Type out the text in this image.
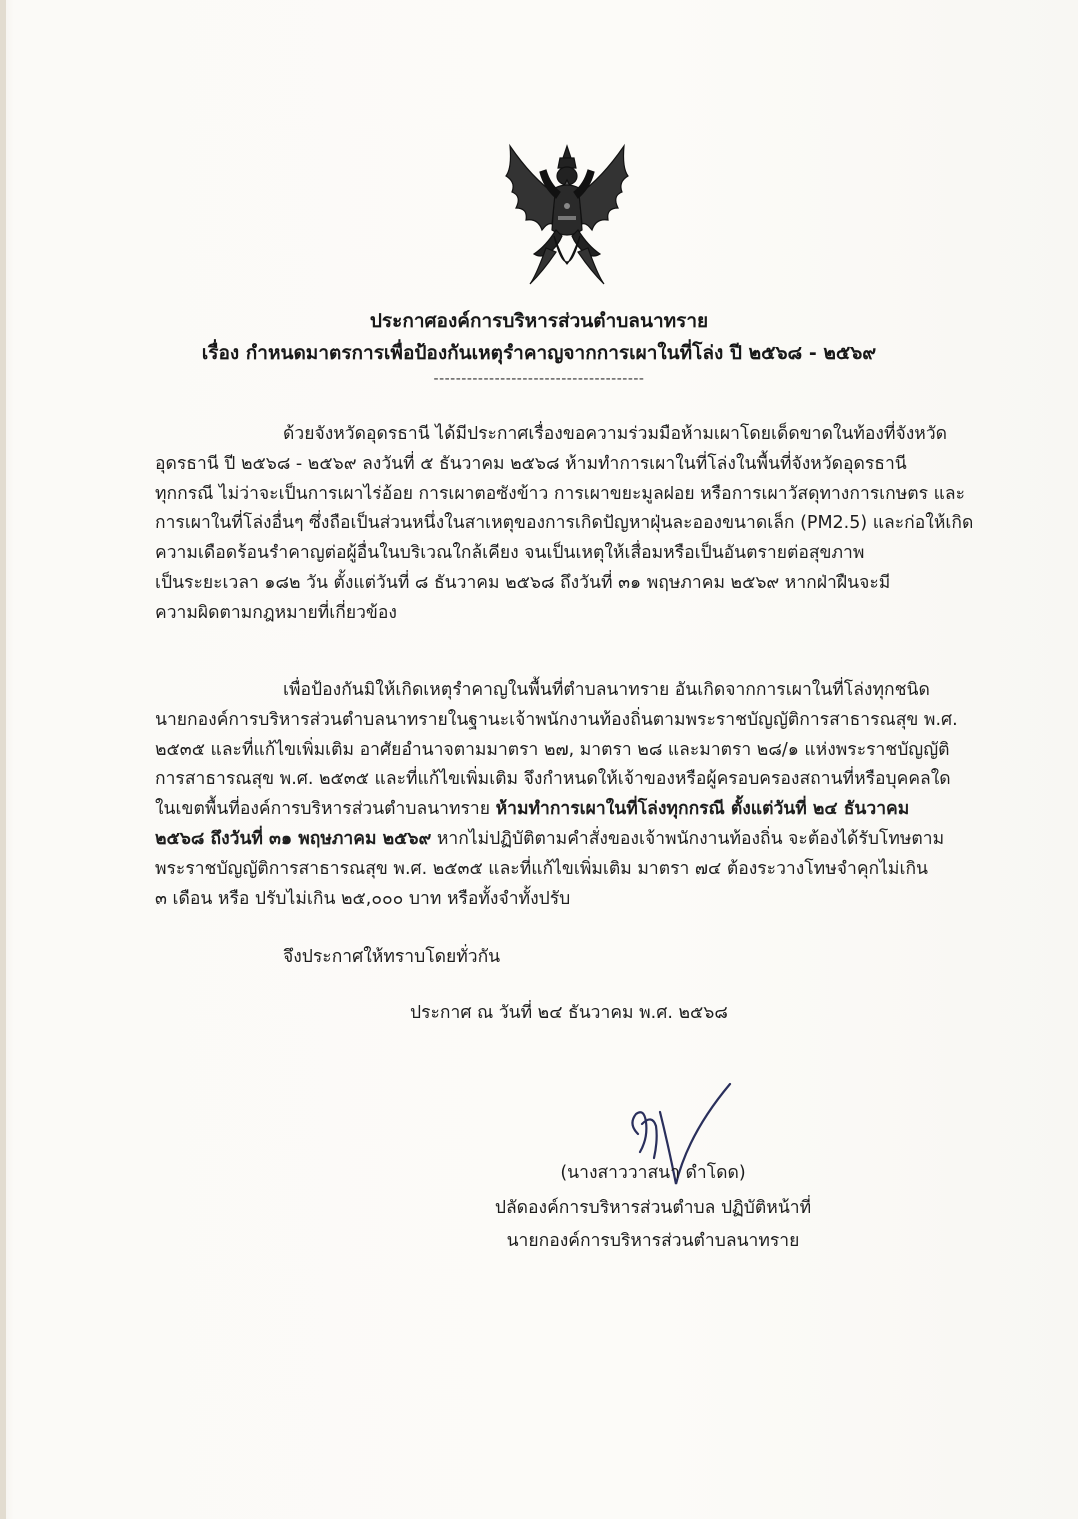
ประกาศองค์การบริหารส่วนตำบลนาทราย
เรื่อง กำหนดมาตรการเพื่อป้องกันเหตุรำคาญจากการเผาในที่โล่ง ปี ๒๕๖๘ - ๒๕๖๙
--------------------------------------
ด้วยจังหวัดอุดรธานี ได้มีประกาศเรื่องขอความร่วมมือห้ามเผาโดยเด็ดขาดในท้องที่จังหวัด
อุดรธานี ปี ๒๕๖๘ - ๒๕๖๙ ลงวันที่ ๕ ธันวาคม ๒๕๖๘ ห้ามทำการเผาในที่โล่งในพื้นที่จังหวัดอุดรธานี
ทุกกรณี ไม่ว่าจะเป็นการเผาไร่อ้อย การเผาตอซังข้าว การเผาขยะมูลฝอย หรือการเผาวัสดุทางการเกษตร และ
การเผาในที่โล่งอื่นๆ ซึ่งถือเป็นส่วนหนึ่งในสาเหตุของการเกิดปัญหาฝุ่นละอองขนาดเล็ก (PM2.5) และก่อให้เกิด
ความเดือดร้อนรำคาญต่อผู้อื่นในบริเวณใกล้เคียง จนเป็นเหตุให้เสื่อมหรือเป็นอันตรายต่อสุขภาพ
เป็นระยะเวลา ๑๘๒ วัน ตั้งแต่วันที่ ๘ ธันวาคม ๒๕๖๘ ถึงวันที่ ๓๑ พฤษภาคม ๒๕๖๙ หากฝ่าฝืนจะมี
ความผิดตามกฎหมายที่เกี่ยวข้อง
เพื่อป้องกันมิให้เกิดเหตุรำคาญในพื้นที่ตำบลนาทราย อันเกิดจากการเผาในที่โล่งทุกชนิด
นายกองค์การบริหารส่วนตำบลนาทรายในฐานะเจ้าพนักงานท้องถิ่นตามพระราชบัญญัติการสาธารณสุข พ.ศ.
๒๕๓๕ และที่แก้ไขเพิ่มเติม อาศัยอำนาจตามมาตรา ๒๗, มาตรา ๒๘ และมาตรา ๒๘/๑ แห่งพระราชบัญญัติ
การสาธารณสุข พ.ศ. ๒๕๓๕ และที่แก้ไขเพิ่มเติม จึงกำหนดให้เจ้าของหรือผู้ครอบครองสถานที่หรือบุคคลใด
ในเขตพื้นที่องค์การบริหารส่วนตำบลนาทราย ห้ามทำการเผาในที่โล่งทุกกรณี ตั้งแต่วันที่ ๒๔ ธันวาคม
๒๕๖๘ ถึงวันที่ ๓๑ พฤษภาคม ๒๕๖๙ หากไม่ปฏิบัติตามคำสั่งของเจ้าพนักงานท้องถิ่น จะต้องได้รับโทษตาม
พระราชบัญญัติการสาธารณสุข พ.ศ. ๒๕๓๕ และที่แก้ไขเพิ่มเติม มาตรา ๗๔ ต้องระวางโทษจำคุกไม่เกิน
๓ เดือน หรือ ปรับไม่เกิน ๒๕,๐๐๐ บาท หรือทั้งจำทั้งปรับ
จึงประกาศให้ทราบโดยทั่วกัน
ประกาศ ณ วันที่ ๒๔ ธันวาคม พ.ศ. ๒๕๖๘
(นางสาววาสนา ดำโดด)
ปลัดองค์การบริหารส่วนตำบล ปฏิบัติหน้าที่
นายกองค์การบริหารส่วนตำบลนาทราย
